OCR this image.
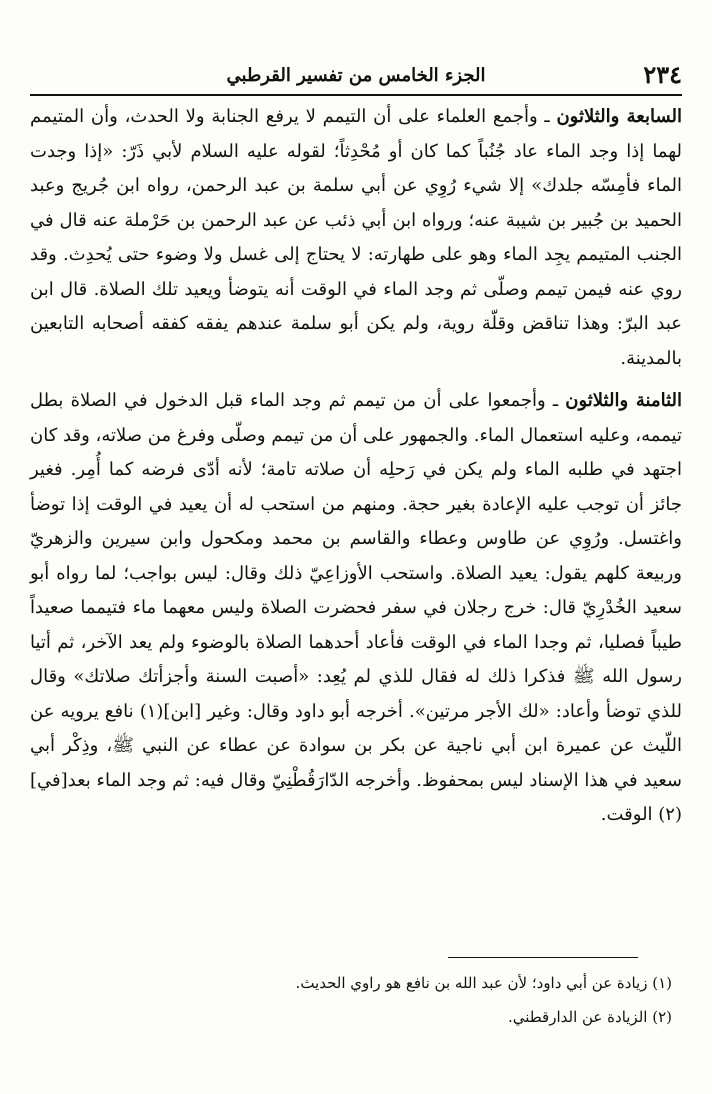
٢٣٤
الجزء الخامس من تفسير القرطبي

السابعة والثلاثون ـ وأجمع العلماء على أن التيمم لا يرفع الجنابة ولا الحدث، وأن المتيمم لهما إذا وجد الماء عاد جُنُباً كما كان أو مُحْدِثاً؛ لقوله عليه السلام لأبي ذَرّ: «إذا وجدت الماء فأمِسّه جلدك» إلا شيء رُوِي عن أبي سلمة بن عبد الرحمن، رواه ابن جُريج وعبد الحميد بن جُبير بن شيبة عنه؛ ورواه ابن أبي ذئب عن عبد الرحمن بن حَرْملة عنه قال في الجنب المتيمم يجِد الماء وهو على طهارته: لا يحتاج إلى غسل ولا وضوء حتى يُحدِث. وقد روي عنه فيمن تيمم وصلّى ثم وجد الماء في الوقت أنه يتوضأ ويعيد تلك الصلاة. قال ابن عبد البرّ: وهذا تناقض وقلّة روية، ولم يكن أبو سلمة عندهم يفقه كفقه أصحابه التابعين بالمدينة.

الثامنة والثلاثون ـ وأجمعوا على أن من تيمم ثم وجد الماء قبل الدخول في الصلاة بطل تيممه، وعليه استعمال الماء. والجمهور على أن من تيمم وصلّى وفرغ من صلاته، وقد كان اجتهد في طلبه الماء ولم يكن في رَحلِه أن صلاته تامة؛ لأنه أدّى فرضه كما أُمِر. فغير جائز أن توجب عليه الإعادة بغير حجة. ومنهم من استحب له أن يعيد في الوقت إذا توضأ واغتسل. ورُوِي عن طاوس وعطاء والقاسم بن محمد ومكحول وابن سيرين والزهريّ وربيعة كلهم يقول: يعيد الصلاة. واستحب الأوزاعِيّ ذلك وقال: ليس بواجب؛ لما رواه أبو سعيد الخُدْرِيّ قال: خرج رجلان في سفر فحضرت الصلاة وليس معهما ماء فتيمما صعيداً طيباً فصليا، ثم وجدا الماء في الوقت فأعاد أحدهما الصلاة بالوضوء ولم يعد الآخر، ثم أتيا رسول الله ﷺ فذكرا ذلك له فقال للذي لم يُعِد: «أصبت السنة وأجزأتك صلاتك» وقال للذي توضأ وأعاد: «لك الأجر مرتين». أخرجه أبو داود وقال: وغير [ابن](١) نافع يرويه عن اللّيث عن عميرة ابن أبي ناجية عن بكر بن سوادة عن عطاء عن النبي ﷺ، وذِكْر أبي سعيد في هذا الإسناد ليس بمحفوظ. وأخرجه الدّارَقُطْنِيّ وقال فيه: ثم وجد الماء بعد[في](٢) الوقت.

(١) زيادة عن أبي داود؛ لأن عبد الله بن نافع هو راوي الحديث.

(٢) الزيادة عن الدارقطني.
